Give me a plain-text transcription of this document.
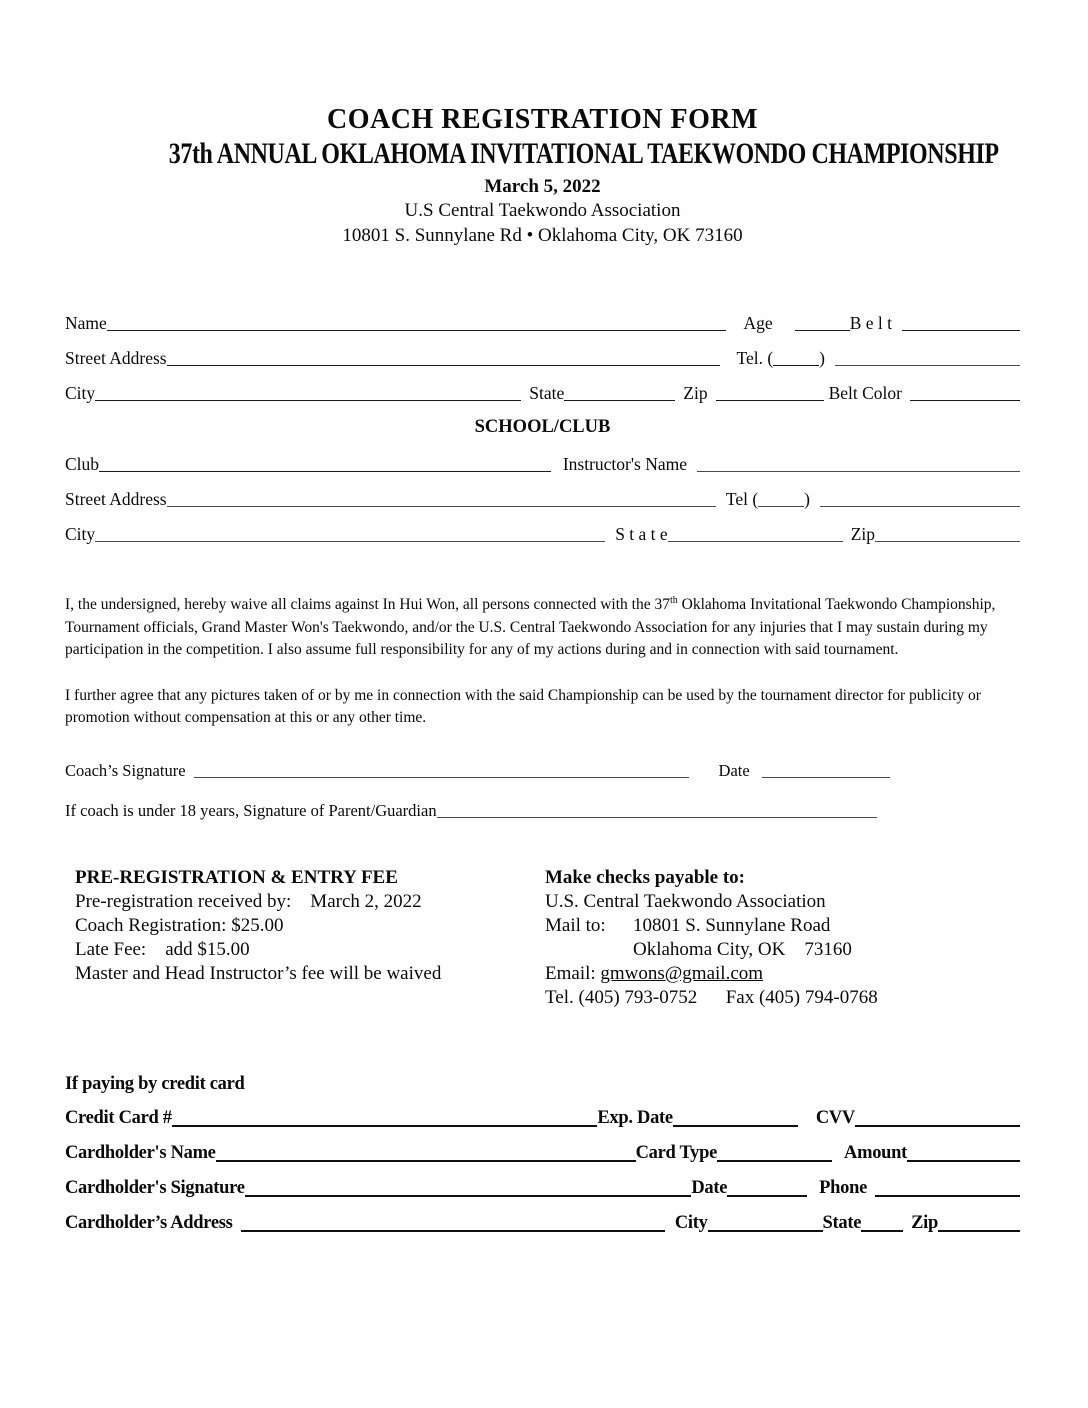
COACH REGISTRATION FORM
37th ANNUAL OKLAHOMA INVITATIONAL TAEKWONDO CHAMPIONSHIP
March 5, 2022
U.S Central Taekwondo Association
10801 S. Sunnylane Rd • Oklahoma City, OK 73160
Name	Age	B e l t
Street Address	Tel. (	)
City	State	Zip	Belt Color
SCHOOL/CLUB
Club	Instructor's Name
Street Address	Tel (	)
City	S t a t e	Zip
I, the undersigned, hereby waive all claims against In Hui Won, all persons connected with the 37th Oklahoma Invitational Taekwondo Championship, Tournament officials, Grand Master Won's Taekwondo, and/or the U.S. Central Taekwondo Association for any injuries that I may sustain during my participation in the competition. I also assume full responsibility for any of my actions during and in connection with said tournament.
I further agree that any pictures taken of or by me in connection with the said Championship can be used by the tournament director for publicity or promotion without compensation at this or any other time.
Coach’s Signature	Date
If coach is under 18 years, Signature of Parent/Guardian
PRE-REGISTRATION & ENTRY FEE
Pre-registration received by:    March 2, 2022
Coach Registration: $25.00
Late Fee:    add $15.00
Master and Head Instructor’s fee will be waived
Make checks payable to:
U.S. Central Taekwondo Association
Mail to:	10801 S. Sunnylane Road
Oklahoma City, OK    73160
Email: gmwons@gmail.com
Tel. (405) 793-0752      Fax (405) 794-0768
If paying by credit card
Credit Card #	Exp. Date	CVV
Cardholder's Name	Card Type	Amount
Cardholder's Signature	Date	Phone
Cardholder’s Address	City	State	Zip
